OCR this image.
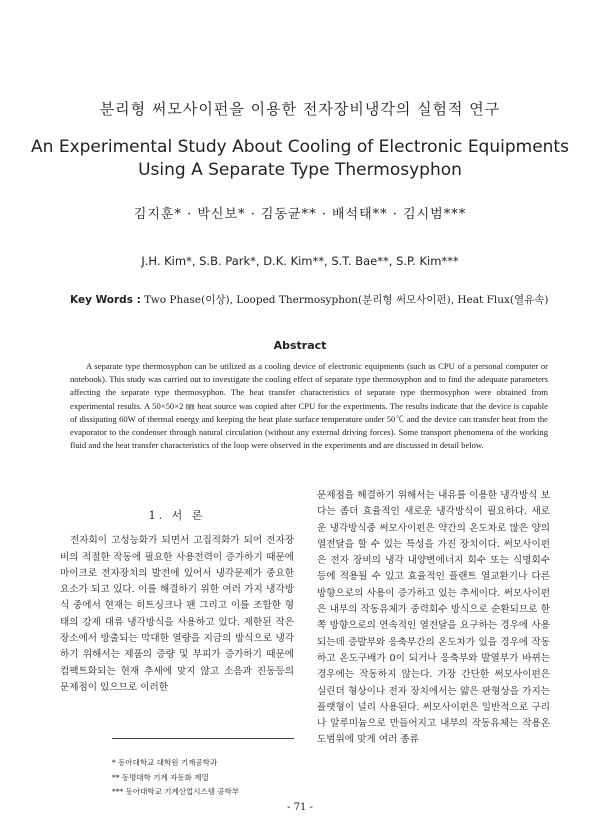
분리형 써모사이펀을 이용한 전자장비냉각의 실험적 연구
An Experimental Study About Cooling of Electronic Equipments
Using A Separate Type Thermosyphon
김지훈* · 박신보* · 김동균** · 배석태** · 김시범***
J.H. Kim*, S.B. Park*, D.K. Kim**, S.T. Bae**, S.P. Kim***
Key Words : Two Phase(이상), Looped Thermosyphon(분리형 써모사이펀), Heat Flux(열유속)
Abstract
A separate type thermosyphon can be utilized as a cooling device of electronic equipments (such as CPU of a personal computer or notebook). This study was carried out to investigate the cooling effect of separate type thermosyphon and to find the adequate parameters affecting the separate type thermosyphon. The heat transfer characteristics of separate type thermosyphon were obtained from experimental results. A 50×50×2 ㎜ heat source was copied after CPU for the experiments. The results indicate that the device is capable of dissipating 60W of thermal energy and keeping the heat plate surface temperature under 50℃ and the device can transfer heat from the evaporator to the condenser through natural circulation (without any external driving forces). Some transport phenomena of the working fluid and the heat transfer characteristics of the loop were observed in the experiments and are discussed in detail below.
1. 서 론
전자회이 고성능화가 되면서 고집적화가 되어 전자장비의 적절한 작동에 필요한 사용전력이 증가하기 때문에 마이크로 전자장치의 발전에 있어서 냉각문제가 중요한 요소가 되고 있다. 이를 해결하기 위한 여러 가지 냉각방식 중에서 현재는 히트싱크나 팬 그리고 이를 조합한 형태의 강제 대류 냉각방식을 사용하고 있다. 제한된 작은 장소에서 방출되는 막대한 열량을 지금의 방식으로 냉각하기 위해서는 제품의 증량 및 부피가 증가하기 때문에 컴팩트화되는 현재 추세에 맞지 않고 소음과 진동등의 문제점이 있으므로 이러한
문제점을 해결하기 위해서는 내유를 이용한 냉각방식 보다는 좀더 효율적인 새로운 냉각방식이 필요하다. 새로운 냉각방식중 써모사이펀은 약간의 온도차로 많은 양의 열전달을 할 수 있는 특성을 가진 장치이다. 써모사이펀은 전자 장비의 냉각 내양변에너지 회수 또는 식명회수 등에 적용될 수 있고 효율적인 플랜트 열교환기나 다른 방향으로의 사용이 증가하고 있는 추세이다. 써모사이펀은 내부의 작동유체가 중력회수 방식으로 순환되므로 한쪽 방향으로의 연속적인 열전달을 요구하는 경우에 사용되는데 증발부와 응축부간의 온도차가 있을 경우에 작동하고 온도구배가 0이 되거나 응축부와 발열부가 바뀌는 경우에는 작동하지 않는다. 가장 간단한 써모사이펀은 실린더 형상이나 전자 장치에서는 얇은 판형상을 가지는 플랫형이 널리 사용된다. 써모사이펀은 일반적으로 구리나 알루미늄으로 만들어지고 내부의 작동유체는 작용온도범위에 맞게 여러 종류
* 동아대학교 대학원 기계공학과
** 동명대학 기계 자동화 계열
*** 동아대학교 기계산업시스템 공학부
- 71 -
